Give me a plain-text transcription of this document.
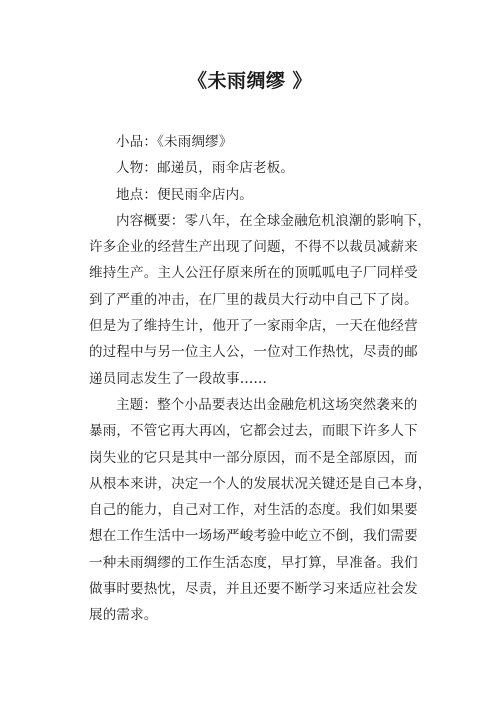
《未雨绸缪 》
小品：《未雨绸缪》
人物：邮递员，雨伞店老板。
地点：便民雨伞店内。
内容概要：零八年，在全球金融危机浪潮的影响下，
许多企业的经营生产出现了问题，不得不以裁员减薪来
维持生产。主人公汪仔原来所在的顶呱呱电子厂同样受
到了严重的冲击，在厂里的裁员大行动中自己下了岗。
但是为了维持生计，他开了一家雨伞店，一天在他经营
的过程中与另一位主人公，一位对工作热忱，尽责的邮
递员同志发生了一段故事……
主题：整个小品要表达出金融危机这场突然袭来的
暴雨，不管它再大再凶，它都会过去，而眼下许多人下
岗失业的它只是其中一部分原因，而不是全部原因，而
从根本来讲，决定一个人的发展状况关键还是自己本身，
自己的能力，自己对工作，对生活的态度。我们如果要
想在工作生活中一场场严峻考验中屹立不倒，我们需要
一种未雨绸缪的工作生活态度，早打算，早准备。我们
做事时要热忱，尽责，并且还要不断学习来适应社会发
展的需求。
